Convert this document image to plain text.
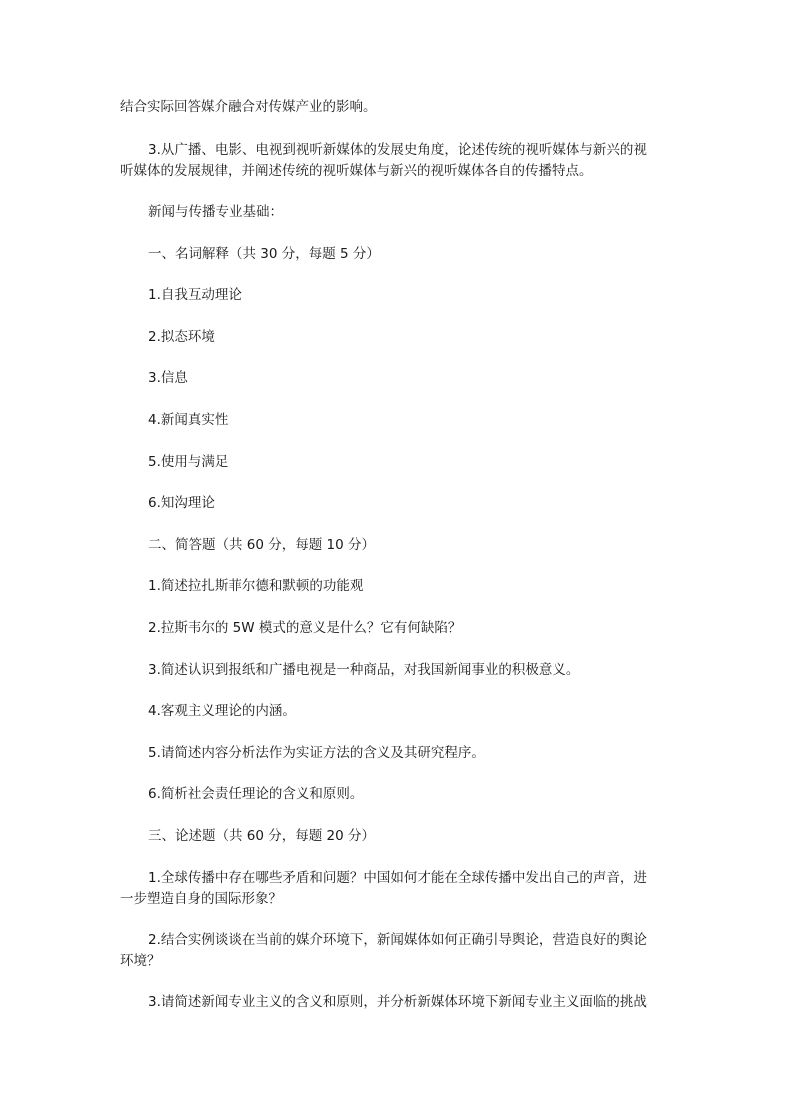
结合实际回答媒介融合对传媒产业的影响。
3.从广播、电影、电视到视听新媒体的发展史角度，论述传统的视听媒体与新兴的视
听媒体的发展规律，并阐述传统的视听媒体与新兴的视听媒体各自的传播特点。
新闻与传播专业基础：
一、名词解释（共 30 分，每题 5 分）
1.自我互动理论
2.拟态环境
3.信息
4.新闻真实性
5.使用与满足
6.知沟理论
二、简答题（共 60 分，每题 10 分）
1.简述拉扎斯菲尔德和默顿的功能观
2.拉斯韦尔的 5W 模式的意义是什么？它有何缺陷？
3.简述认识到报纸和广播电视是一种商品，对我国新闻事业的积极意义。
4.客观主义理论的内涵。
5.请简述内容分析法作为实证方法的含义及其研究程序。
6.简析社会责任理论的含义和原则。
三、论述题（共 60 分，每题 20 分）
1.全球传播中存在哪些矛盾和问题？中国如何才能在全球传播中发出自己的声音，进
一步塑造自身的国际形象？
2.结合实例谈谈在当前的媒介环境下，新闻媒体如何正确引导舆论，营造良好的舆论
环境？
3.请简述新闻专业主义的含义和原则，并分析新媒体环境下新闻专业主义面临的挑战
